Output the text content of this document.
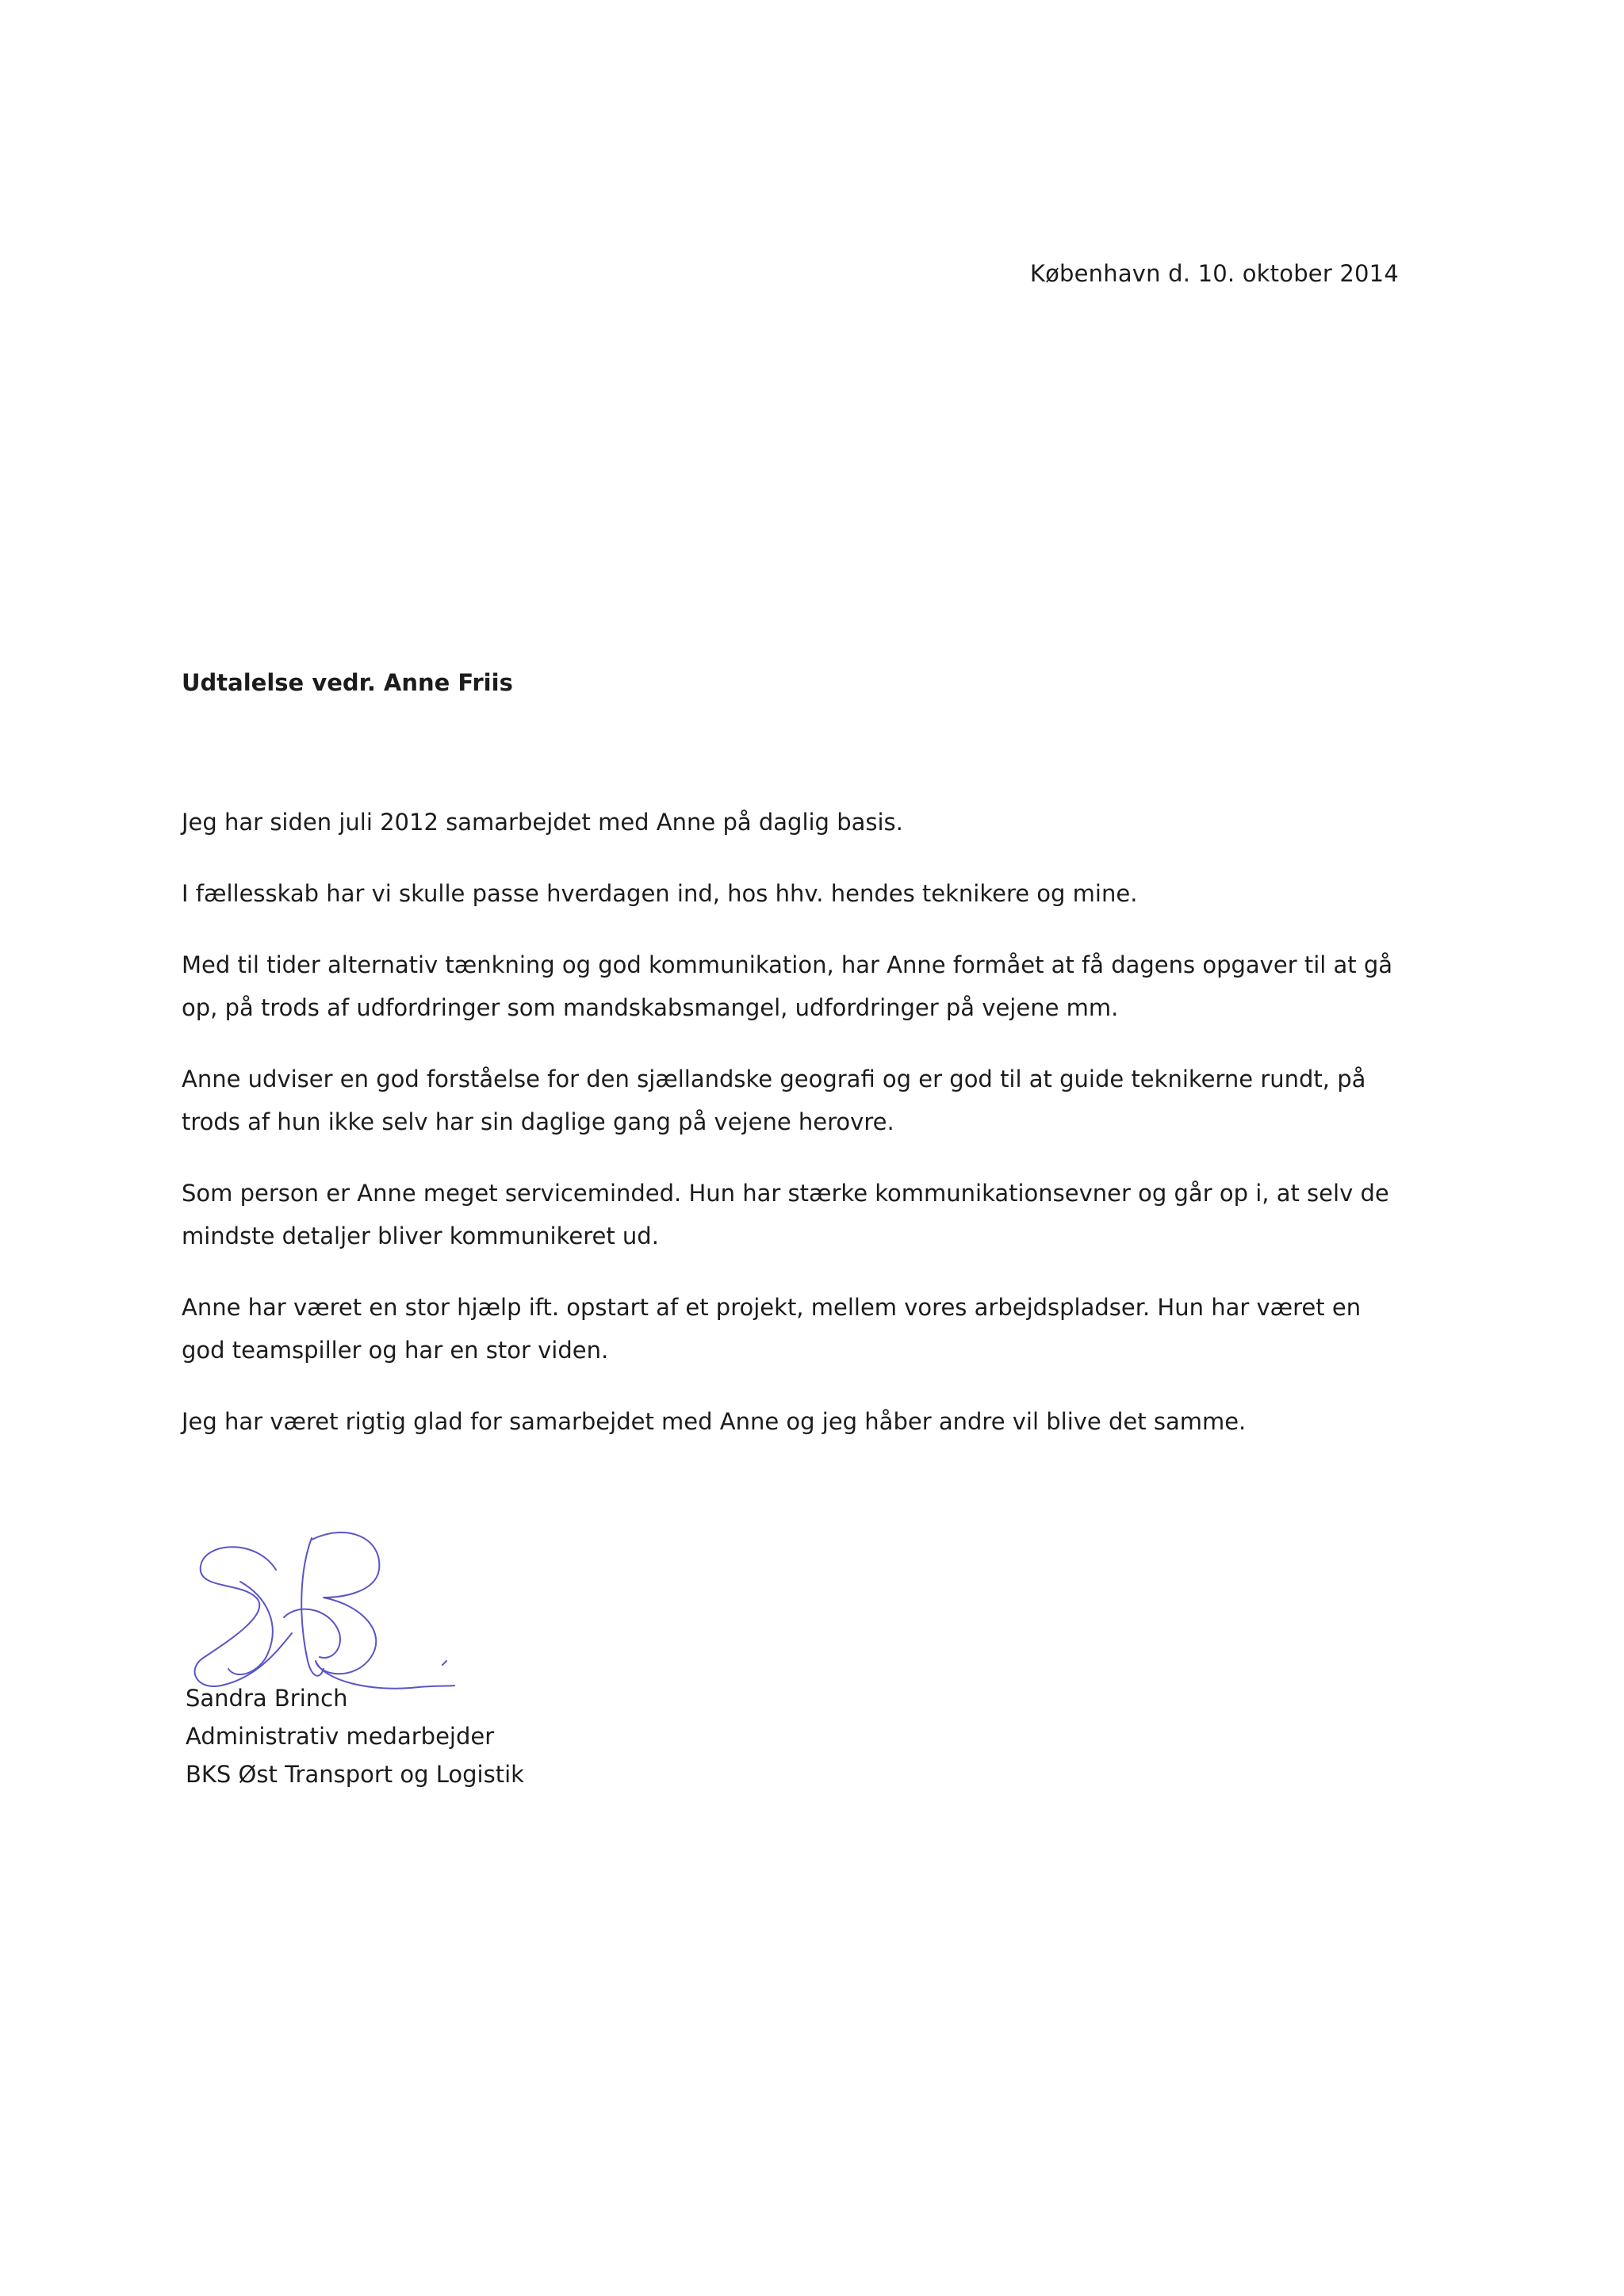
København d. 10. oktober 2014
Udtalelse vedr. Anne Friis

Jeg har siden juli 2012 samarbejdet med Anne på daglig basis.

I fællesskab har vi skulle passe hverdagen ind, hos hhv. hendes teknikere og mine.

Med til tider alternativ tænkning og god kommunikation, har Anne formået at få dagens opgaver til at gå op, på trods af udfordringer som mandskabsmangel, udfordringer på vejene mm.

Anne udviser en god forståelse for den sjællandske geografi og er god til at guide teknikerne rundt, på trods af hun ikke selv har sin daglige gang på vejene herovre.

Som person er Anne meget serviceminded. Hun har stærke kommunikationsevner og går op i, at selv de mindste detaljer bliver kommunikeret ud.

Anne har været en stor hjælp ift. opstart af et projekt, mellem vores arbejdspladser. Hun har været en god teamspiller og har en stor viden.

Jeg har været rigtig glad for samarbejdet med Anne og jeg håber andre vil blive det samme.

Sandra Brinch
Administrativ medarbejder
BKS Øst Transport og Logistik
